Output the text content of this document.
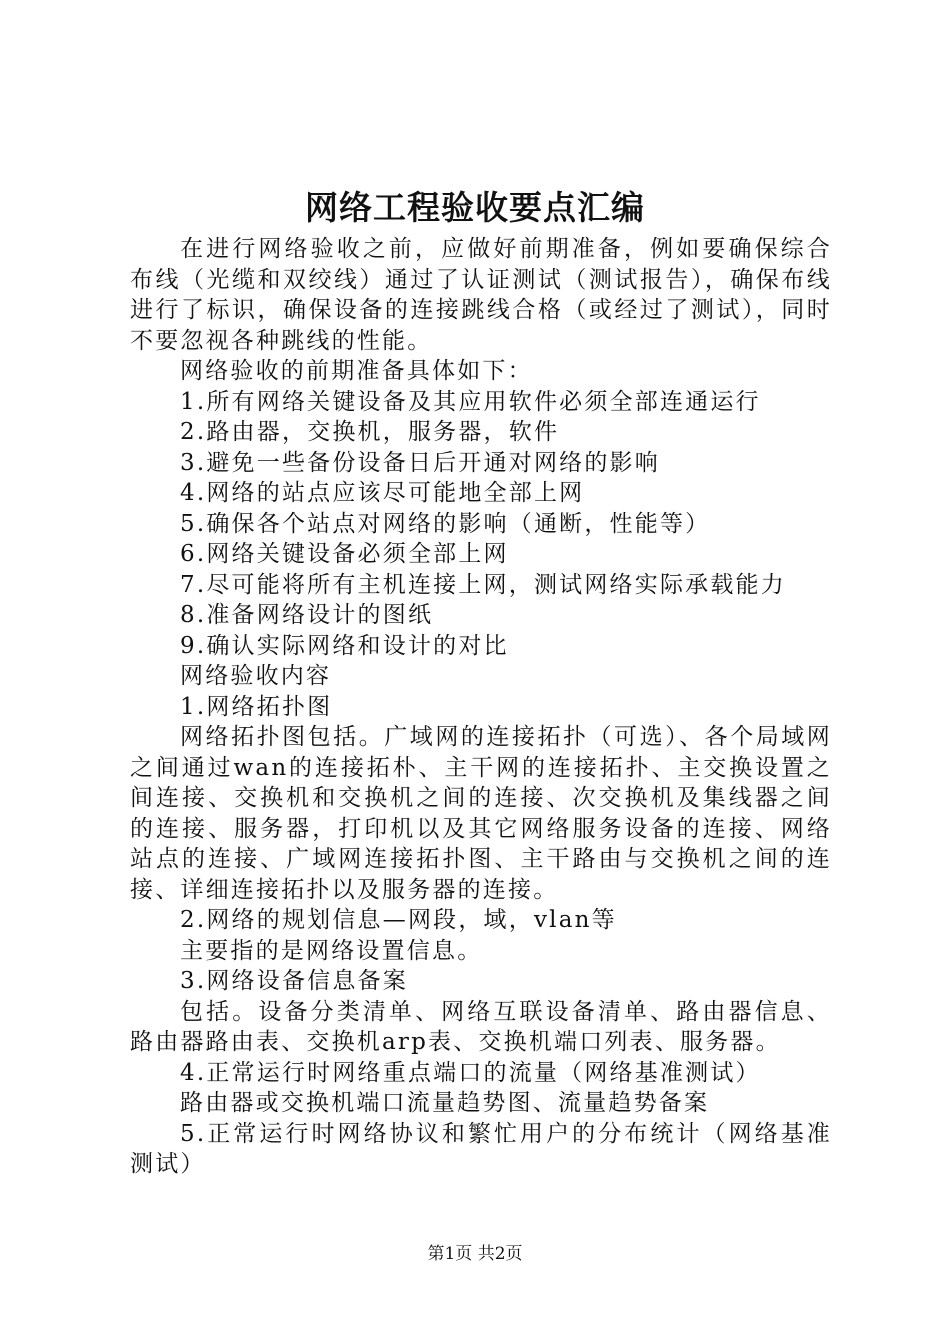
网络工程验收要点汇编

在进行网络验收之前，应做好前期准备，例如要确保综合布线（光缆和双绞线）通过了认证测试（测试报告），确保布线进行了标识，确保设备的连接跳线合格（或经过了测试），同时不要忽视各种跳线的性能。

网络验收的前期准备具体如下：

1.所有网络关键设备及其应用软件必须全部连通运行

2.路由器，交换机，服务器，软件

3.避免一些备份设备日后开通对网络的影响

4.网络的站点应该尽可能地全部上网

5.确保各个站点对网络的影响（通断，性能等）

6.网络关键设备必须全部上网

7.尽可能将所有主机连接上网，测试网络实际承载能力

8.准备网络设计的图纸

9.确认实际网络和设计的对比

网络验收内容

1.网络拓扑图

网络拓扑图包括。广域网的连接拓扑（可选）、各个局域网之间通过wan的连接拓朴、主干网的连接拓扑、主交换设置之间连接、交换机和交换机之间的连接、次交换机及集线器之间的连接、服务器，打印机以及其它网络服务设备的连接、网络站点的连接、广域网连接拓扑图、主干路由与交换机之间的连接、详细连接拓扑以及服务器的连接。

2.网络的规划信息—网段，域，vlan等

主要指的是网络设置信息。

3.网络设备信息备案

包括。设备分类清单、网络互联设备清单、路由器信息、路由器路由表、交换机arp表、交换机端口列表、服务器。

4.正常运行时网络重点端口的流量（网络基准测试）

路由器或交换机端口流量趋势图、流量趋势备案

5.正常运行时网络协议和繁忙用户的分布统计（网络基准测试）

第1页 共2页
